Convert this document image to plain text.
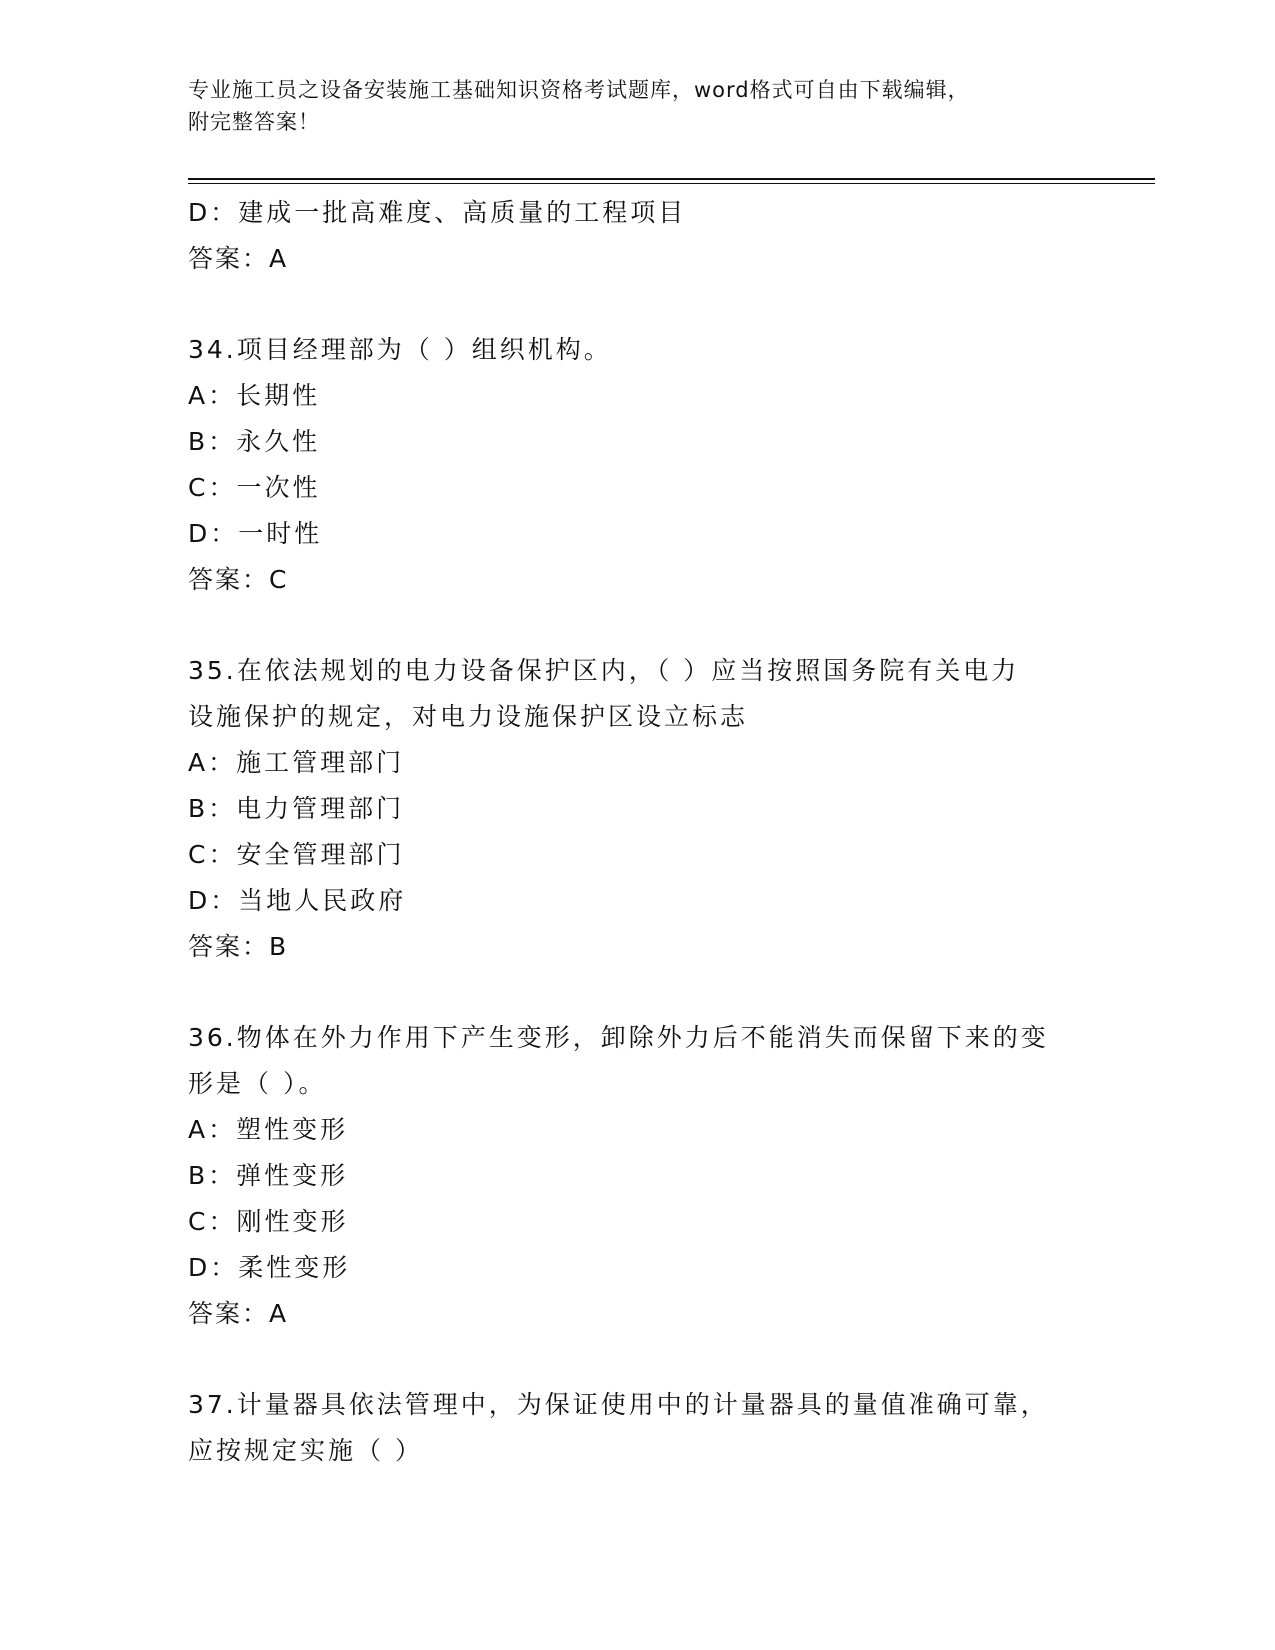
专业施工员之设备安装施工基础知识资格考试题库，word格式可自由下载编辑，
附完整答案！
D：建成一批高难度、高质量的工程项目
答案：A
34.项目经理部为（ ）组织机构。
A：长期性
B：永久性
C：一次性
D：一时性
答案：C
35.在依法规划的电力设备保护区内，（ ）应当按照国务院有关电力
设施保护的规定，对电力设施保护区设立标志
A：施工管理部门
B：电力管理部门
C：安全管理部门
D：当地人民政府
答案：B
36.物体在外力作用下产生变形，卸除外力后不能消失而保留下来的变
形是（ ）。
A：塑性变形
B：弹性变形
C：刚性变形
D：柔性变形
答案：A
37.计量器具依法管理中，为保证使用中的计量器具的量值准确可靠，
应按规定实施（ ）
